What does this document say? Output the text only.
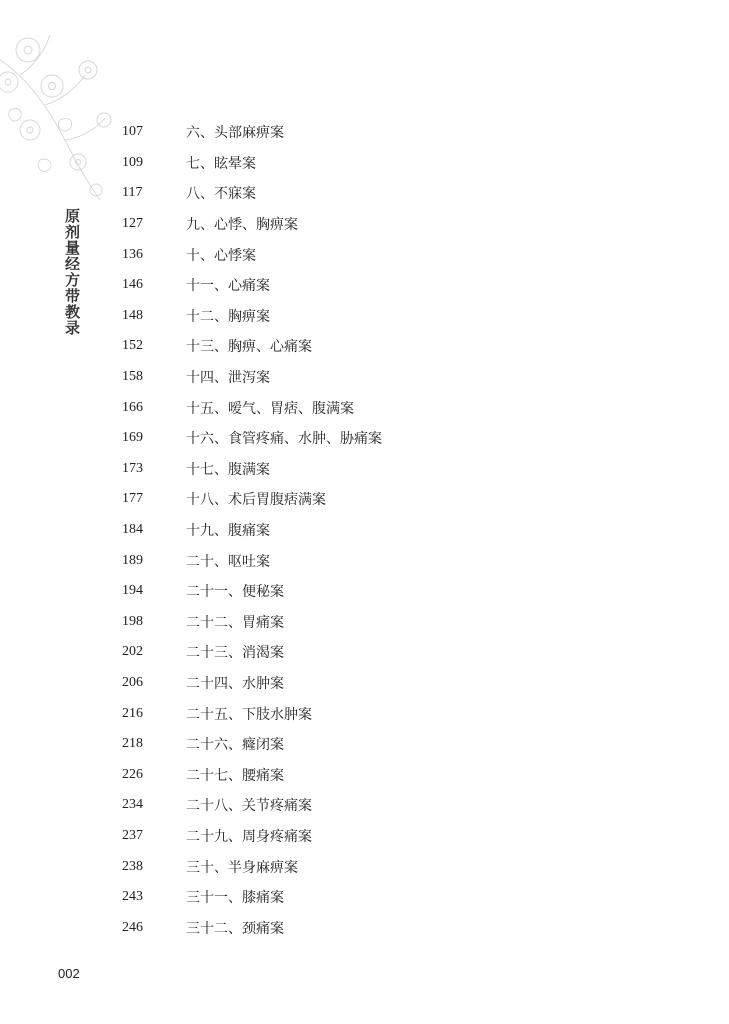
原剂量经方带教录
107	六、头部麻痹案
109	七、眩晕案
117	八、不寐案
127	九、心悸、胸痹案
136	十、心悸案
146	十一、心痛案
148	十二、胸痹案
152	十三、胸痹、心痛案
158	十四、泄泻案
166	十五、嗳气、胃痞、腹满案
169	十六、食管疼痛、水肿、胁痛案
173	十七、腹满案
177	十八、术后胃腹痞满案
184	十九、腹痛案
189	二十、呕吐案
194	二十一、便秘案
198	二十二、胃痛案
202	二十三、消渴案
206	二十四、水肿案
216	二十五、下肢水肿案
218	二十六、癃闭案
226	二十七、腰痛案
234	二十八、关节疼痛案
237	二十九、周身疼痛案
238	三十、半身麻痹案
243	三十一、膝痛案
246	三十二、颈痛案
002
